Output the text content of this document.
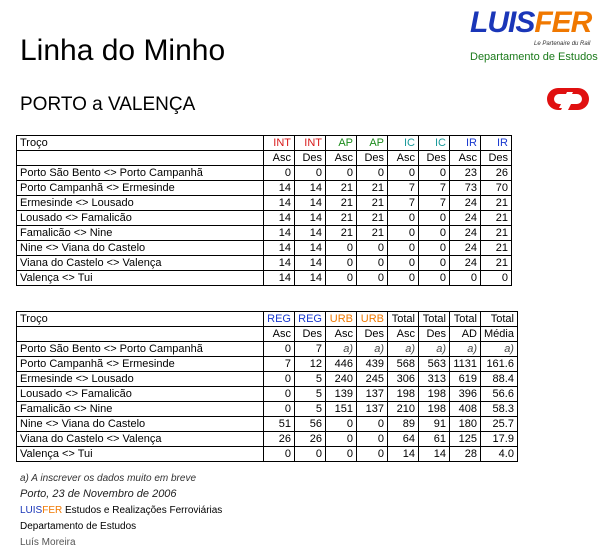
Linha do Minho
PORTO a VALENÇA
LUISFER
Le Partenaire du Rail
Departamento de Estudos
Troço	INT	INT	AP	AP	IC	IC	IR	IR
	Asc	Des	Asc	Des	Asc	Des	Asc	Des
Porto São Bento <> Porto Campanhã	0	0	0	0	0	0	23	26
Porto Campanhã <> Ermesinde	14	14	21	21	7	7	73	70
Ermesinde <> Lousado	14	14	21	21	7	7	24	21
Lousado <> Famalicão	14	14	21	21	0	0	24	21
Famalicão <> Nine	14	14	21	21	0	0	24	21
Nine <> Viana do Castelo	14	14	0	0	0	0	24	21
Viana do Castelo <> Valença	14	14	0	0	0	0	24	21
Valença <> Tui	14	14	0	0	0	0	0	0
Troço	REG	REG	URB	URB	Total	Total	Total	Total
	Asc	Des	Asc	Des	Asc	Des	AD	Média
Porto São Bento <> Porto Campanhã	0	7	a)	a)	a)	a)	a)	a)
Porto Campanhã <> Ermesinde	7	12	446	439	568	563	1131	161.6
Ermesinde <> Lousado	0	5	240	245	306	313	619	88.4
Lousado <> Famalicão	0	5	139	137	198	198	396	56.6
Famalicão <> Nine	0	5	151	137	210	198	408	58.3
Nine <> Viana do Castelo	51	56	0	0	89	91	180	25.7
Viana do Castelo <> Valença	26	26	0	0	64	61	125	17.9
Valença <> Tui	0	0	0	0	14	14	28	4.0
a) A inscrever os dados muito em breve
Porto, 23 de Novembro de 2006
LUISFER Estudos e Realizações Ferroviárias
Departamento de Estudos
Luís Moreira
